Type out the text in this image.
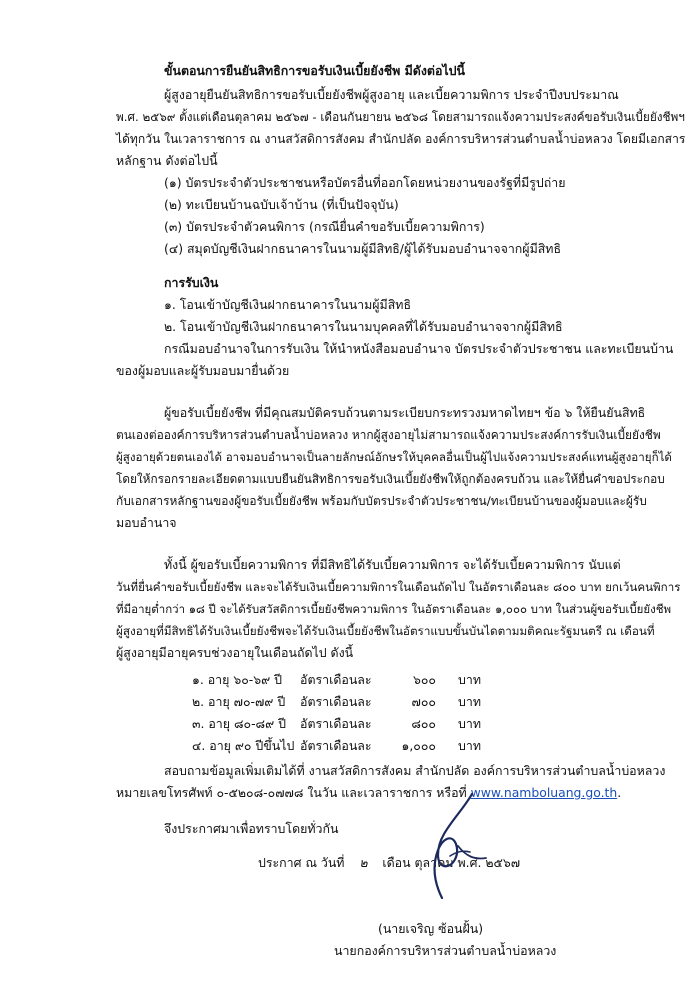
ขั้นตอนการยืนยันสิทธิการขอรับเงินเบี้ยยังชีพ มีดังต่อไปนี้
ผู้สูงอายุยืนยันสิทธิการขอรับเบี้ยยังชีพผู้สูงอายุ และเบี้ยความพิการ ประจำปีงบประมาณ
พ.ศ. ๒๕๖๙ ตั้งแต่เดือนตุลาคม ๒๕๖๗ - เดือนกันยายน ๒๕๖๘ โดยสามารถแจ้งความประสงค์ขอรับเงินเบี้ยยังชีพฯ
ได้ทุกวัน ในเวลาราชการ ณ งานสวัสดิการสังคม สำนักปลัด องค์การบริหารส่วนตำบลน้ำบ่อหลวง โดยมีเอกสาร
หลักฐาน ดังต่อไปนี้
(๑) บัตรประจำตัวประชาชนหรือบัตรอื่นที่ออกโดยหน่วยงานของรัฐที่มีรูปถ่าย
(๒) ทะเบียนบ้านฉบับเจ้าบ้าน (ที่เป็นปัจจุบัน)
(๓) บัตรประจำตัวคนพิการ (กรณียื่นคำขอรับเบี้ยความพิการ)
(๔) สมุดบัญชีเงินฝากธนาคารในนามผู้มีสิทธิ/ผู้ได้รับมอบอำนาจจากผู้มีสิทธิ
การรับเงิน
๑. โอนเข้าบัญชีเงินฝากธนาคารในนามผู้มีสิทธิ
๒. โอนเข้าบัญชีเงินฝากธนาคารในนามบุคคลที่ได้รับมอบอำนาจจากผู้มีสิทธิ
กรณีมอบอำนาจในการรับเงิน ให้นำหนังสือมอบอำนาจ บัตรประจำตัวประชาชน และทะเบียนบ้าน
ของผู้มอบและผู้รับมอบมายื่นด้วย
ผู้ขอรับเบี้ยยังชีพ ที่มีคุณสมบัติครบถ้วนตามระเบียบกระทรวงมหาดไทยฯ ข้อ ๖ ให้ยืนยันสิทธิ
ตนเองต่อองค์การบริหารส่วนตำบลน้ำบ่อหลวง หากผู้สูงอายุไม่สามารถแจ้งความประสงค์การรับเงินเบี้ยยังชีพ
ผู้สูงอายุด้วยตนเองได้ อาจมอบอำนาจเป็นลายลักษณ์อักษรให้บุคคลอื่นเป็นผู้ไปแจ้งความประสงค์แทนผู้สูงอายุก็ได้
โดยให้กรอกรายละเอียดตามแบบยืนยันสิทธิการขอรับเงินเบี้ยยังชีพให้ถูกต้องครบถ้วน และให้ยื่นคำขอประกอบ
กับเอกสารหลักฐานของผู้ขอรับเบี้ยยังชีพ พร้อมกับบัตรประจำตัวประชาชน/ทะเบียนบ้านของผู้มอบและผู้รับ
มอบอำนาจ
ทั้งนี้ ผู้ขอรับเบี้ยความพิการ ที่มีสิทธิได้รับเบี้ยความพิการ จะได้รับเบี้ยความพิการ นับแต่
วันที่ยื่นคำขอรับเบี้ยยังชีพ และจะได้รับเงินเบี้ยความพิการในเดือนถัดไป ในอัตราเดือนละ ๘๐๐ บาท ยกเว้นคนพิการ
ที่มีอายุต่ำกว่า ๑๘ ปี จะได้รับสวัสดิการเบี้ยยังชีพความพิการ ในอัตราเดือนละ ๑,๐๐๐ บาท ในส่วนผู้ขอรับเบี้ยยังชีพ
ผู้สูงอายุที่มีสิทธิได้รับเงินเบี้ยยังชีพจะได้รับเงินเบี้ยยังชีพในอัตราแบบขั้นบันไดตามมติคณะรัฐมนตรี ณ เดือนที่
ผู้สูงอายุมีอายุครบช่วงอายุในเดือนถัดไป ดังนี้
๑. อายุ ๖๐-๖๙ ปี อัตราเดือนละ	๖๐๐ บาท
๒. อายุ ๗๐-๗๙ ปี อัตราเดือนละ	๗๐๐ บาท
๓. อายุ ๘๐-๘๙ ปี อัตราเดือนละ	๘๐๐ บาท
๔. อายุ ๙๐ ปีขึ้นไป อัตราเดือนละ	๑,๐๐๐ บาท
สอบถามข้อมูลเพิ่มเติมได้ที่ งานสวัสดิการสังคม สำนักปลัด องค์การบริหารส่วนตำบลน้ำบ่อหลวง
หมายเลขโทรศัพท์ ๐-๕๒๐๘-๐๗๗๘ ในวัน และเวลาราชการ หรือที่ www.namboluang.go.th.
จึงประกาศมาเพื่อทราบโดยทั่วกัน
ประกาศ ณ วันที่ ๒ เดือน ตุลาคม พ.ศ. ๒๕๖๗
(นายเจริญ ซ้อนฝั้น)
นายกองค์การบริหารส่วนตำบลน้ำบ่อหลวง
